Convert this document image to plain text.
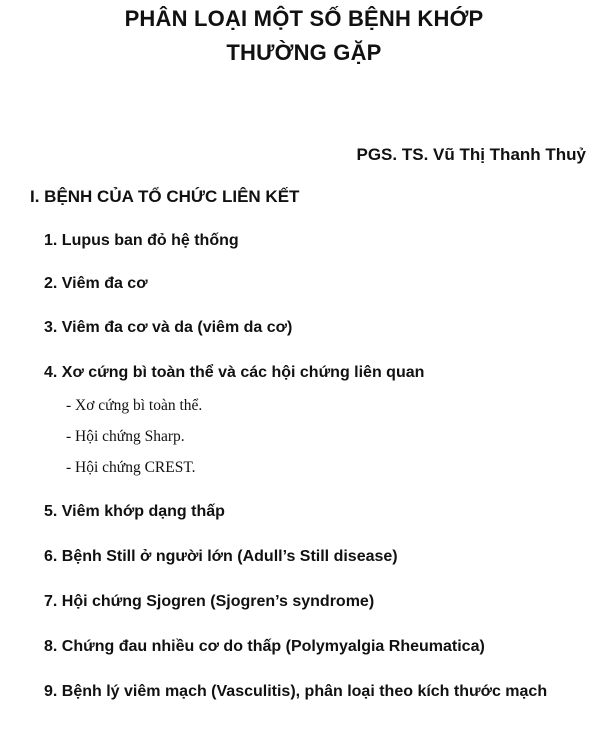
PHÂN LOẠI MỘT SỐ BỆNH KHỚP
THƯỜNG GẶP
PGS. TS. Vũ Thị Thanh Thuỷ
I. BỆNH CỦA TỔ CHỨC LIÊN KẾT
1. Lupus ban đỏ hệ thống
2. Viêm đa cơ
3. Viêm đa cơ và da (viêm da cơ)
4. Xơ cứng bì toàn thể và các hội chứng liên quan
- Xơ cứng bì toàn thể.
- Hội chứng Sharp.
- Hội chứng CREST.
5. Viêm khớp dạng thấp
6. Bệnh Still ở người lớn (Adull’s Still disease)
7. Hội chứng Sjogren (Sjogren’s syndrome)
8. Chứng đau nhiều cơ do thấp (Polymyalgia Rheumatica)
9. Bệnh lý viêm mạch (Vasculitis), phân loại theo kích thước mạch
